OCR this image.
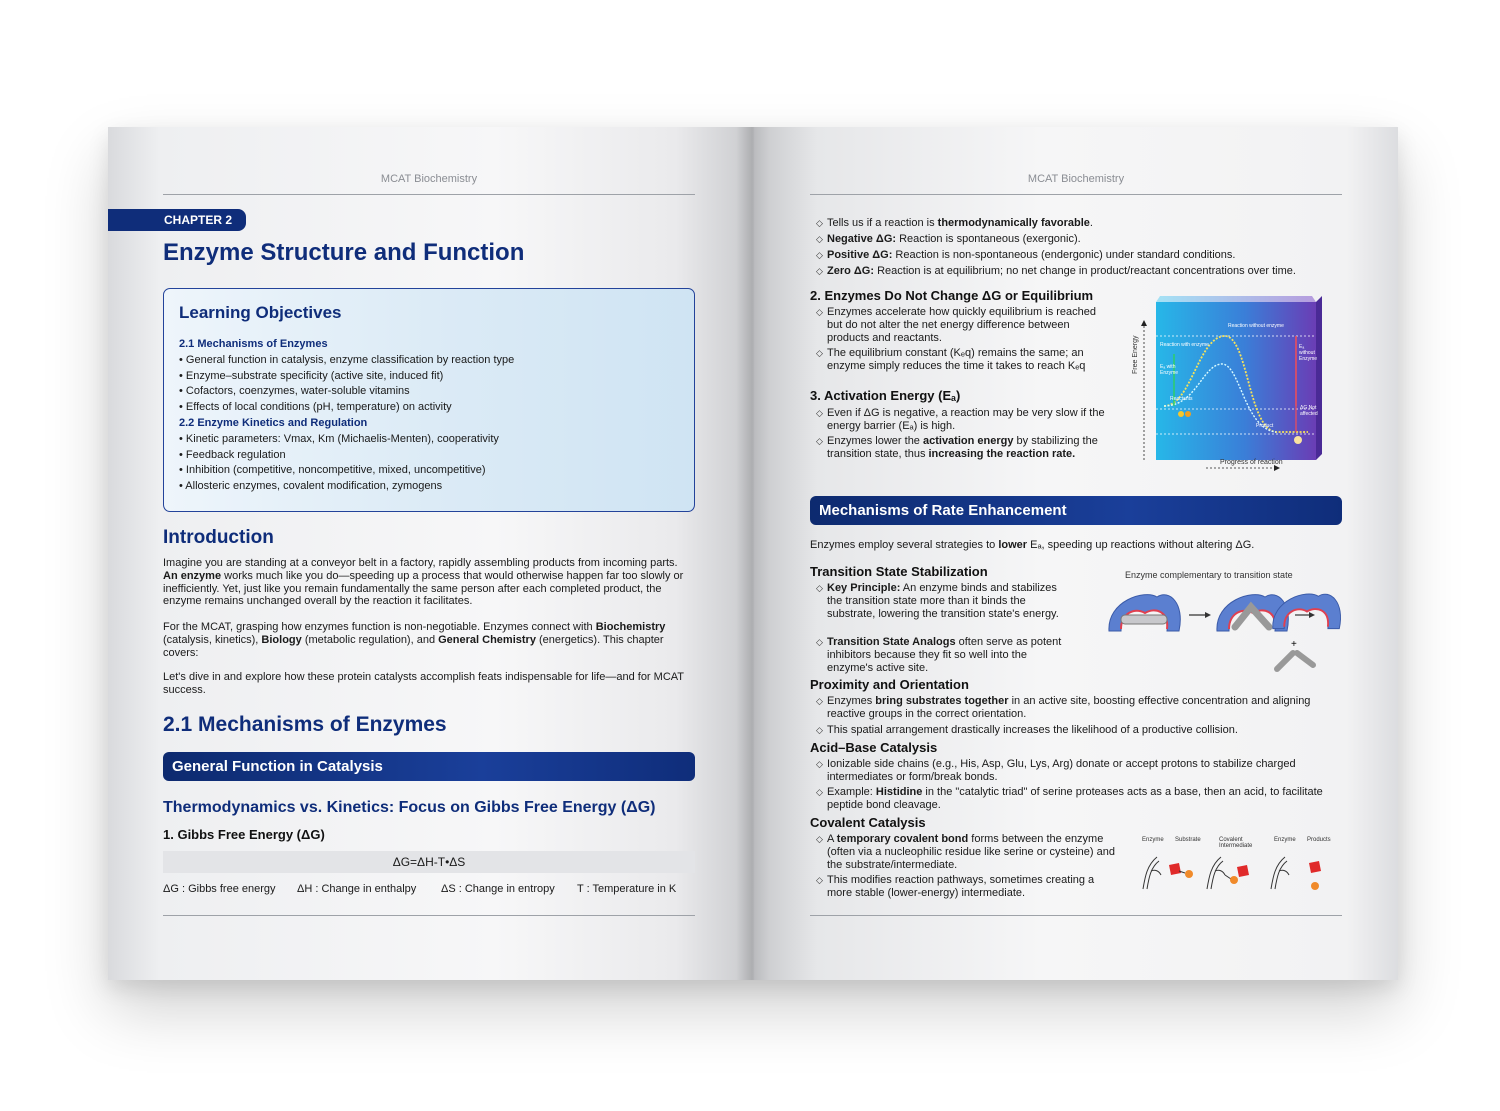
MCAT Biochemistry
CHAPTER 2
Enzyme Structure and Function
Learning Objectives
2.1 Mechanisms of Enzymes
• General function in catalysis, enzyme classification by reaction type
• Enzyme–substrate specificity (active site, induced fit)
• Cofactors, coenzymes, water-soluble vitamins
• Effects of local conditions (pH, temperature) on activity
2.2 Enzyme Kinetics and Regulation
• Kinetic parameters: Vmax, Km (Michaelis-Menten), cooperativity
• Feedback regulation
• Inhibition (competitive, noncompetitive, mixed, uncompetitive)
• Allosteric enzymes, covalent modification, zymogens
Introduction
Imagine you are standing at a conveyor belt in a factory, rapidly assembling products from incoming parts. An enzyme works much like you do—speeding up a process that would otherwise happen far too slowly or inefficiently. Yet, just like you remain fundamentally the same person after each completed product, the enzyme remains unchanged overall by the reaction it facilitates.
For the MCAT, grasping how enzymes function is non-negotiable. Enzymes connect with Biochemistry (catalysis, kinetics), Biology (metabolic regulation), and General Chemistry (energetics). This chapter covers:
Let's dive in and explore how these protein catalysts accomplish feats indispensable for life—and for MCAT success.
2.1 Mechanisms of Enzymes
General Function in Catalysis
Thermodynamics vs. Kinetics: Focus on Gibbs Free Energy (ΔG)
1. Gibbs Free Energy (ΔG)
ΔG=ΔH-T•ΔS
ΔG : Gibbs free energy ΔH : Change in enthalpy ΔS : Change in entropy T : Temperature in K
MCAT Biochemistry
◇ Tells us if a reaction is thermodynamically favorable.
◇ Negative ΔG: Reaction is spontaneous (exergonic).
◇ Positive ΔG: Reaction is non-spontaneous (endergonic) under standard conditions.
◇ Zero ΔG: Reaction is at equilibrium; no net change in product/reactant concentrations over time.
2. Enzymes Do Not Change ΔG or Equilibrium
◇ Enzymes accelerate how quickly equilibrium is reached but do not alter the net energy difference between products and reactants.
◇ The equilibrium constant (Kₑq) remains the same; an enzyme simply reduces the time it takes to reach Kₑq
3. Activation Energy (Eₐ)
◇ Even if ΔG is negative, a reaction may be very slow if the energy barrier (Eₐ) is high.
◇ Enzymes lower the activation energy by stabilizing the transition state, thus increasing the reaction rate.
Free Energy
Progress of reaction
Reaction without enzyme
Reaction with enzyme
Eₐ with Enzyme
Eₐ without Enzyme
Reactants
Product
ΔG Not affected
Mechanisms of Rate Enhancement
Enzymes employ several strategies to lower Eₐ, speeding up reactions without altering ΔG.
Transition State Stabilization
◇ Key Principle: An enzyme binds and stabilizes the transition state more than it binds the substrate, lowering the transition state's energy.
◇ Transition State Analogs often serve as potent inhibitors because they fit so well into the enzyme's active site.
Enzyme complementary to transition state
+
Proximity and Orientation
◇ Enzymes bring substrates together in an active site, boosting effective concentration and aligning reactive groups in the correct orientation.
◇ This spatial arrangement drastically increases the likelihood of a productive collision.
Acid–Base Catalysis
◇ Ionizable side chains (e.g., His, Asp, Glu, Lys, Arg) donate or accept protons to stabilize charged intermediates or form/break bonds.
◇ Example: Histidine in the "catalytic triad" of serine proteases acts as a base, then an acid, to facilitate peptide bond cleavage.
Covalent Catalysis
◇ A temporary covalent bond forms between the enzyme (often via a nucleophilic residue like serine or cysteine) and the substrate/intermediate.
◇ This modifies reaction pathways, sometimes creating a more stable (lower-energy) intermediate.
Enzyme Substrate	Covalent Intermediate
Enzyme Products
